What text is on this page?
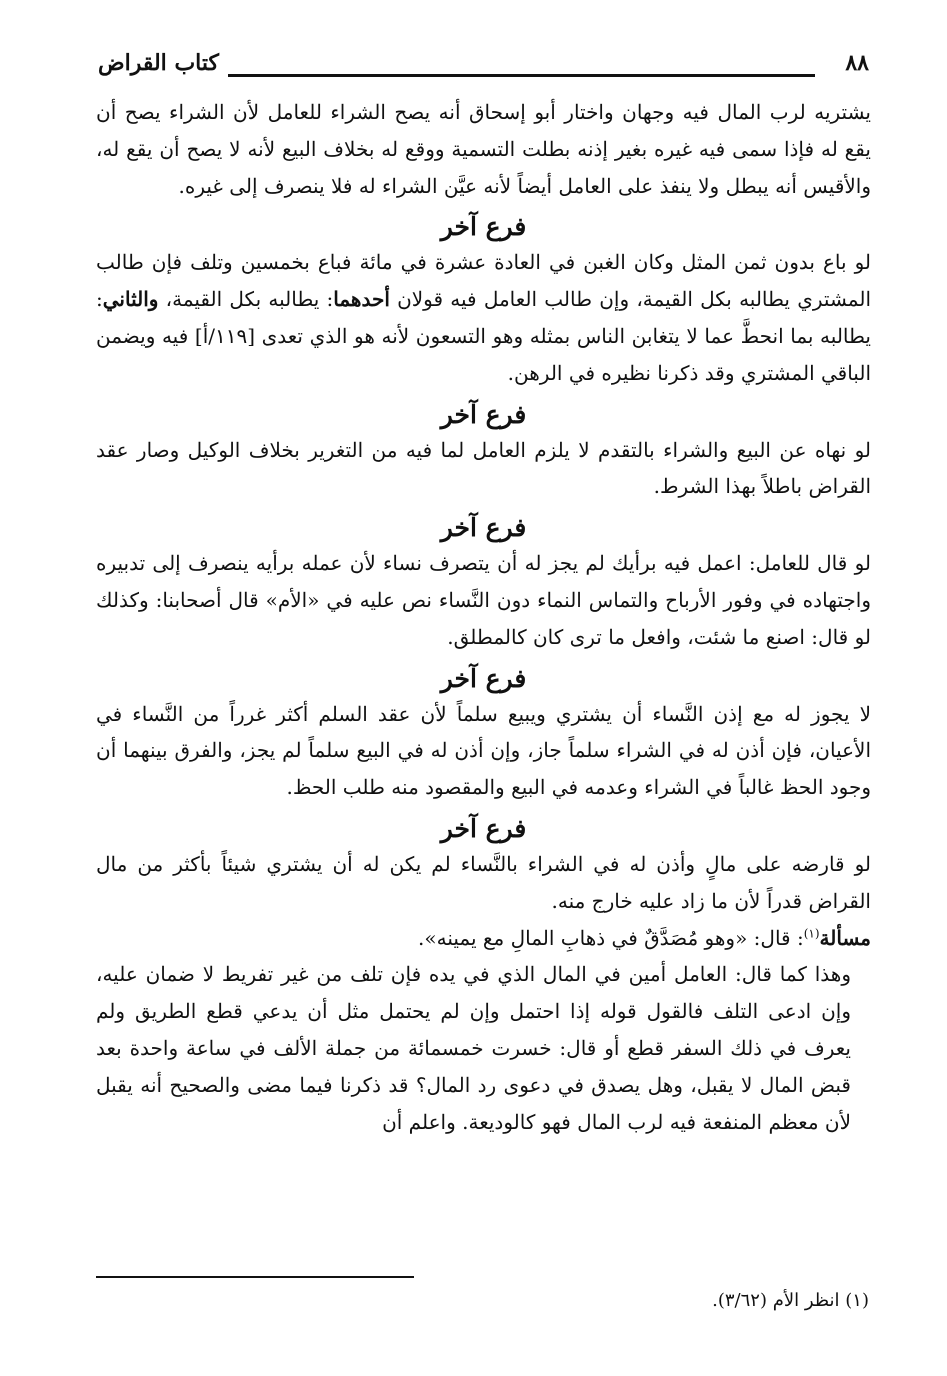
٨٨
كتاب القراض

يشتريه لرب المال فيه وجهان واختار أبو إسحاق أنه يصح الشراء للعامل لأن الشراء يصح أن يقع له فإذا سمى فيه غيره بغير إذنه بطلت التسمية ووقع له بخلاف البيع لأنه لا يصح أن يقع له، والأقيس أنه يبطل ولا ينفذ على العامل أيضاً لأنه عيَّن الشراء له فلا ينصرف إلى غيره.

فرع آخر

لو باع بدون ثمن المثل وكان الغبن في العادة عشرة في مائة فباع بخمسين وتلف فإن طالب المشتري يطالبه بكل القيمة، وإن طالب العامل فيه قولان أحدهما: يطالبه بكل القيمة، والثاني: يطالبه بما انحطَّ عما لا يتغابن الناس بمثله وهو التسعون لأنه هو الذي تعدى [١١٩/أ] فيه ويضمن الباقي المشتري وقد ذكرنا نظيره في الرهن.

فرع آخر

لو نهاه عن البيع والشراء بالتقدم لا يلزم العامل لما فيه من التغرير بخلاف الوكيل وصار عقد القراض باطلاً بهذا الشرط.

فرع آخر

لو قال للعامل: اعمل فيه برأيك لم يجز له أن يتصرف نساء لأن عمله برأيه ينصرف إلى تدبيره واجتهاده في وفور الأرباح والتماس النماء دون النَّساء نص عليه في «الأم» قال أصحابنا: وكذلك لو قال: اصنع ما شئت، وافعل ما ترى كان كالمطلق.

فرع آخر

لا يجوز له مع إذن النَّساء أن يشتري ويبيع سلماً لأن عقد السلم أكثر غرراً من النَّساء في الأعيان، فإن أذن له في الشراء سلماً جاز، وإن أذن له في البيع سلماً لم يجز، والفرق بينهما أن وجود الحظ غالباً في الشراء وعدمه في البيع والمقصود منه طلب الحظ.

فرع آخر

لو قارضه على مالٍ وأذن له في الشراء بالنَّساء لم يكن له أن يشتري شيئاً بأكثر من مال القراض قدراً لأن ما زاد عليه خارج منه.

مسألة$^{(١)}$: قال: «وهو مُصَدَّقٌ في ذهابِ المالِ مع يمينه».

وهذا كما قال: العامل أمين في المال الذي في يده فإن تلف من غير تفريط لا ضمان عليه، وإن ادعى التلف فالقول قوله إذا احتمل وإن لم يحتمل مثل أن يدعي قطع الطريق ولم يعرف في ذلك السفر قطع أو قال: خسرت خمسمائة من جملة الألف في ساعة واحدة بعد قبض المال لا يقبل، وهل يصدق في دعوى رد المال؟ قد ذكرنا فيما مضى والصحيح أنه يقبل لأن معظم المنفعة فيه لرب المال فهو كالوديعة. واعلم أن

(١) انظر الأم (٣/٦٢).
